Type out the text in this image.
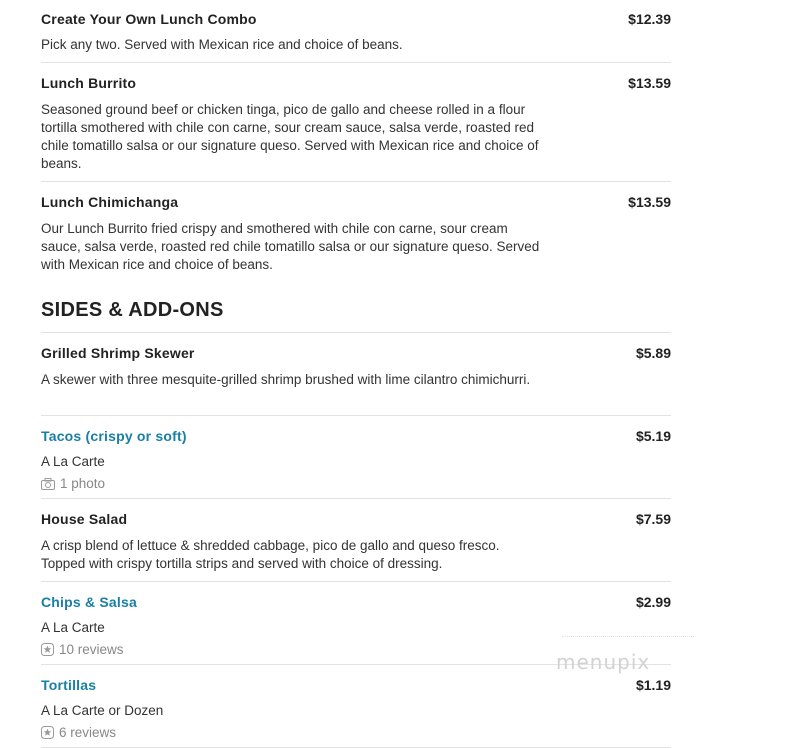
Create Your Own Lunch Combo	$12.39
Pick any two. Served with Mexican rice and choice of beans.
Lunch Burrito	$13.59
Seasoned ground beef or chicken tinga, pico de gallo and cheese rolled in a flour tortilla smothered with chile con carne, sour cream sauce, salsa verde, roasted red chile tomatillo salsa or our signature queso. Served with Mexican rice and choice of beans.
Lunch Chimichanga	$13.59
Our Lunch Burrito fried crispy and smothered with chile con carne, sour cream sauce, salsa verde, roasted red chile tomatillo salsa or our signature queso. Served with Mexican rice and choice of beans.
SIDES & ADD-ONS
Grilled Shrimp Skewer	$5.89
A skewer with three mesquite-grilled shrimp brushed with lime cilantro chimichurri.
Tacos (crispy or soft)	$5.19
A La Carte
1 photo
House Salad	$7.59
A crisp blend of lettuce & shredded cabbage, pico de gallo and queso fresco. Topped with crispy tortilla strips and served with choice of dressing.
Chips & Salsa	$2.99
A La Carte
10 reviews
Tortillas	$1.19
A La Carte or Dozen
6 reviews
menupix
